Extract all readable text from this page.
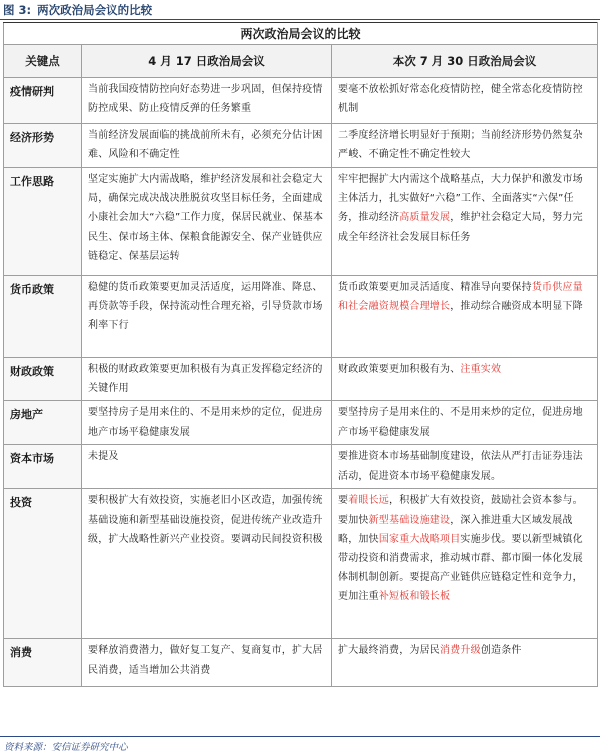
图 3: 两次政治局会议的比较
两次政治局会议的比较		
关键点	4 月 17 日政治局会议	本次 7 月 30 日政治局会议
疫情研判	当前我国疫情防控向好态势进一步巩固，但保持疫情防控成果、防止疫情反弹的任务繁重	要毫不放松抓好常态化疫情防控，健全常态化疫情防控机制
经济形势	当前经济发展面临的挑战前所未有，必须充分估计困难、风险和不确定性	二季度经济增长明显好于预期；当前经济形势仍然复杂严峻、不确定性不确定性较大
工作思路	坚定实施扩大内需战略，维护经济发展和社会稳定大局，确保完成决战决胜脱贫攻坚目标任务，全面建成小康社会加大“六稳”工作力度，保居民就业、保基本民生、保市场主体、保粮食能源安全、保产业链供应链稳定、保基层运转	牢牢把握扩大内需这个战略基点，大力保护和激发市场主体活力，扎实做好“六稳”工作、全面落实“六保”任务，推动经济高质量发展，维护社会稳定大局，努力完成全年经济社会发展目标任务
货币政策	稳健的货币政策要更加灵活适度，运用降准、降息、再贷款等手段，保持流动性合理充裕，引导贷款市场利率下行	货币政策要更加灵活适度、精准导向要保持货币供应量和社会融资规模合理增长，推动综合融资成本明显下降
财政政策	积极的财政政策要更加积极有为真正发挥稳定经济的关键作用	财政政策要更加积极有为、注重实效
房地产	要坚持房子是用来住的、不是用来炒的定位，促进房地产市场平稳健康发展	要坚持房子是用来住的、不是用来炒的定位，促进房地产市场平稳健康发展
资本市场	未提及	要推进资本市场基础制度建设，依法从严打击证券违法活动，促进资本市场平稳健康发展。
投资	要积极扩大有效投资，实施老旧小区改造，加强传统基础设施和新型基础设施投资，促进传统产业改造升级，扩大战略性新兴产业投资。要调动民间投资积极	要着眼长远，积极扩大有效投资，鼓励社会资本参与。要加快新型基础设施建设，深入推进重大区域发展战略，加快国家重大战略项目实施步伐。要以新型城镇化带动投资和消费需求，推动城市群、都市圈一体化发展体制机制创新。要提高产业链供应链稳定性和竞争力，更加注重补短板和锻长板
消费	要释放消费潜力，做好复工复产、复商复市，扩大居民消费，适当增加公共消费	扩大最终消费，为居民消费升级创造条件
资料来源：安信证券研究中心
